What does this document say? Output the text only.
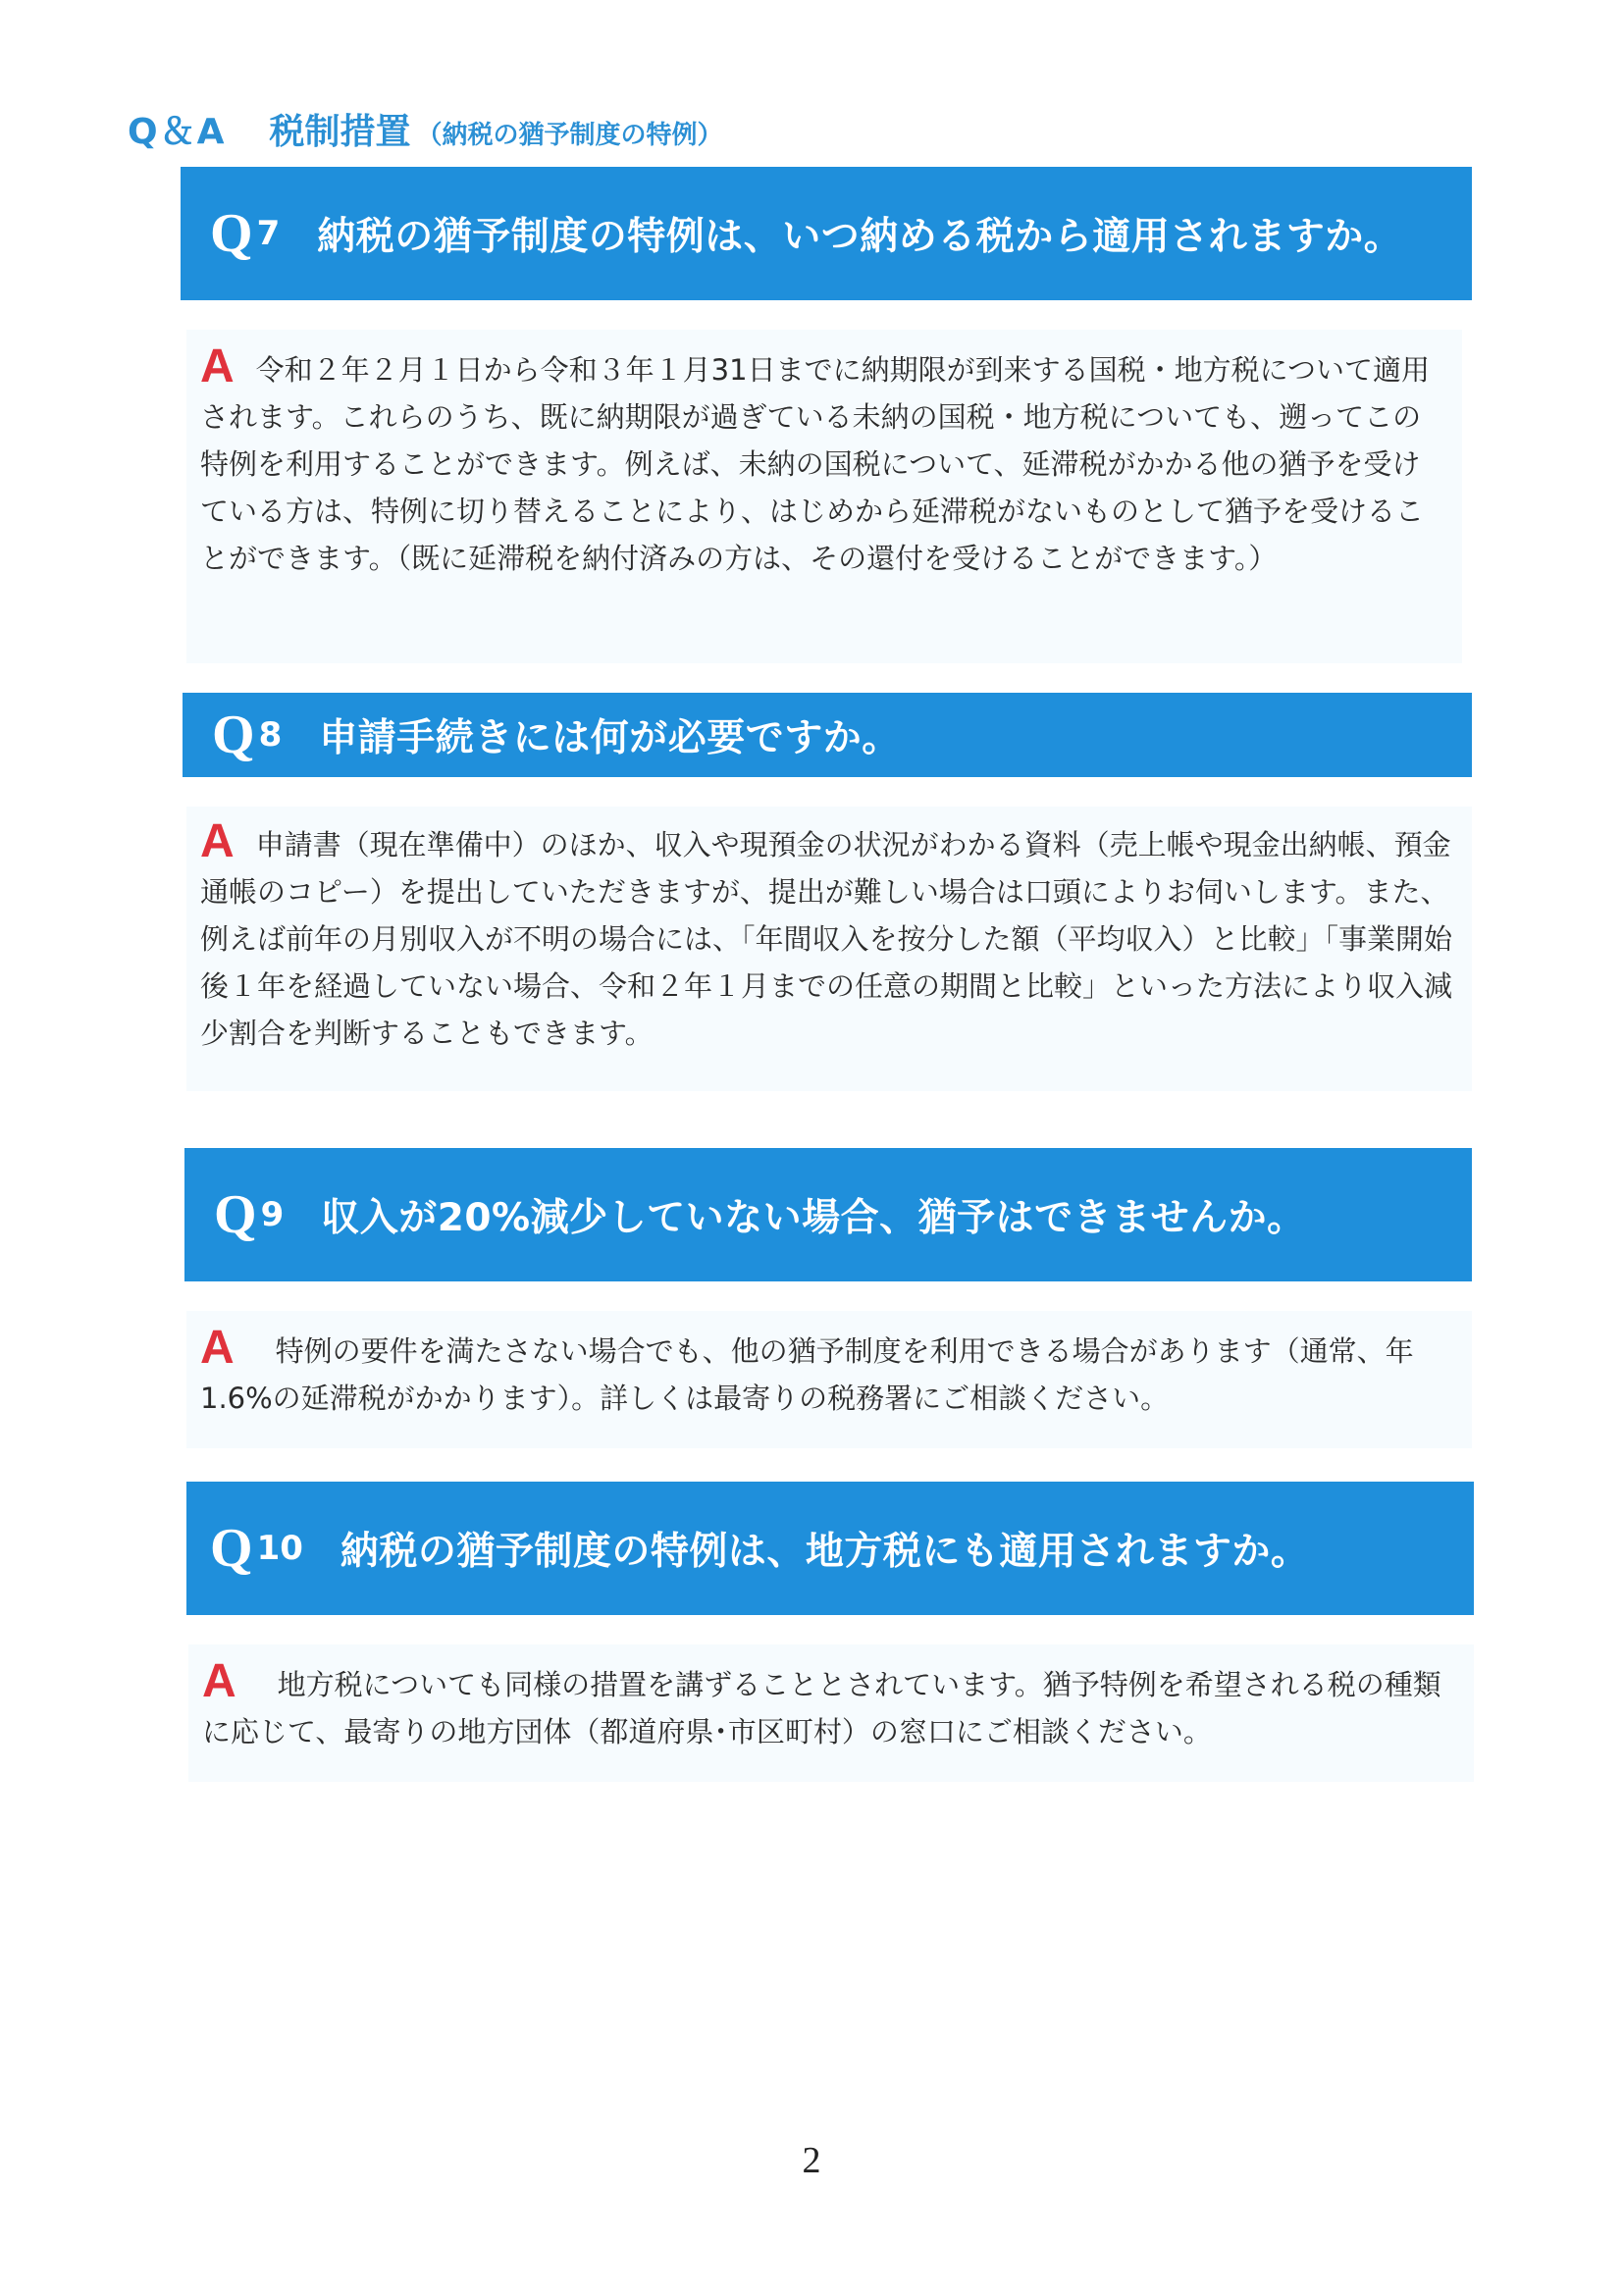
Q＆A 税制措置 （納税の猶予制度の特例）
Q 7 納税の猶予制度の特例は、いつ納める税から適用されますか。
A令和２年２月１日から令和３年１月31日までに納期限が到来する国税・地方税について適用されます。これらのうち、既に納期限が過ぎている未納の国税・地方税についても、遡ってこの特例を利用することができます。例えば、未納の国税について、延滞税がかかる他の猶予を受けている方は、特例に切り替えることにより、はじめから延滞税がないものとして猶予を受けることができます。（既に延滞税を納付済みの方は、その還付を受けることができます。）
Q 8 申請手続きには何が必要ですか。
A申請書（現在準備中）のほか、収入や現預金の状況がわかる資料（売上帳や現金出納帳、預金通帳のコピー）を提出していただきますが、提出が難しい場合は口頭によりお伺いします。また、例えば前年の月別収入が不明の場合には、「年間収入を按分した額（平均収入）と比較」「事業開始後１年を経過していない場合、令和２年１月までの任意の期間と比較」といった方法により収入減少割合を判断することもできます。
Q 9 収入が20%減少していない場合、猶予はできませんか。
A 特例の要件を満たさない場合でも、他の猶予制度を利用できる場合があります（通常、年1.6%の延滞税がかかります）。詳しくは最寄りの税務署にご相談ください。
Q 10 納税の猶予制度の特例は、地方税にも適用されますか。
A 地方税についても同様の措置を講ずることとされています。猶予特例を希望される税の種類に応じて、最寄りの地方団体（都道府県･市区町村）の窓口にご相談ください。
2
